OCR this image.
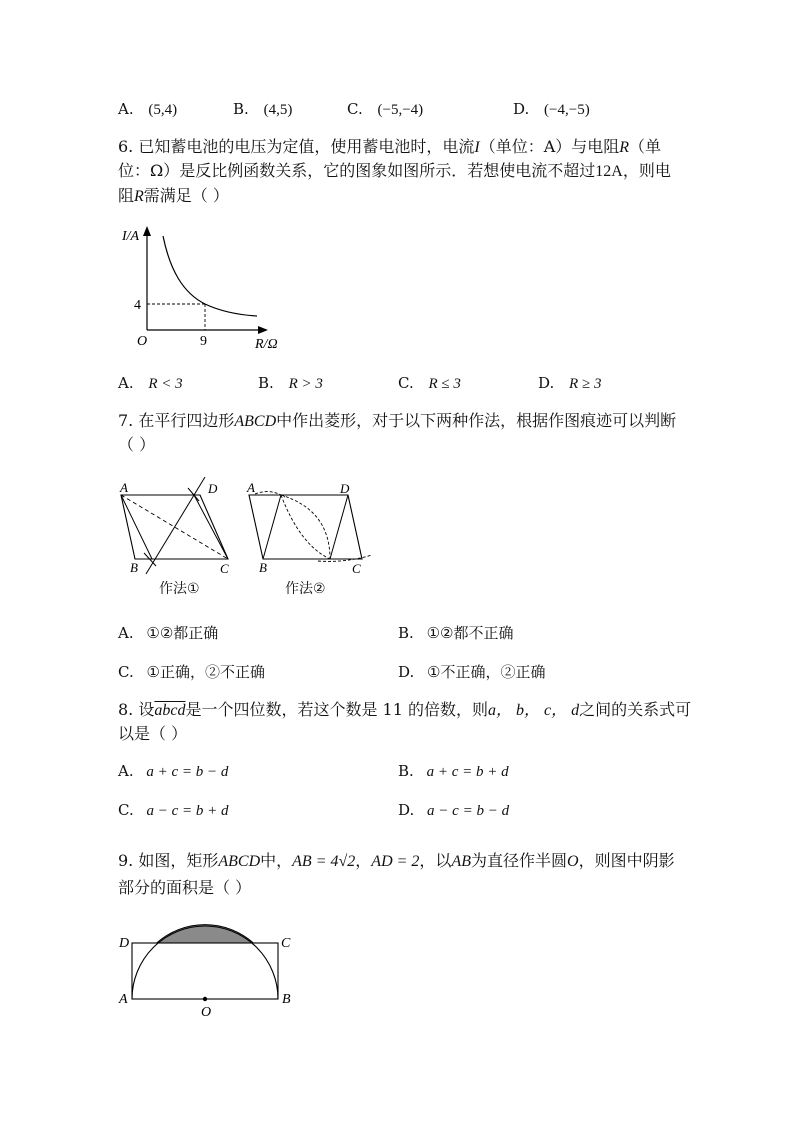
A. (5,4)	B. (4,5)	C. (−5,−4)	D. (−4,−5)
6. 已知蓄电池的电压为定值，使用蓄电池时，电流I（单位：A）与电阻R（单
位：Ω）是反比例函数关系，它的图象如图所示．若想使电流不超过12A，则电
阻R需满足（ ）
I/A
4
O	9	R/Ω
A. R < 3	B. R > 3	C. R ≤ 3	D. R ≥ 3
7. 在平行四边形ABCD中作出菱形，对于以下两种作法，根据作图痕迹可以判断
（ ）
A	D
B	C
作法①
A	D
B	C
作法②
A. ①②都正确	B. ①②都不正确
C. ①正确，②不正确	D. ①不正确，②正确
8. 设abcd是一个四位数，若这个数是 11 的倍数，则a， b， c， d之间的关系式可
以是（ ）
A. a + c = b − d	B. a + c = b + d
C. a − c = b + d	D. a − c = b − d
9. 如图，矩形ABCD中，AB = 4√2，AD = 2，以AB为直径作半圆O，则图中阴影
部分的面积是（ ）
D	C
A	B
O
